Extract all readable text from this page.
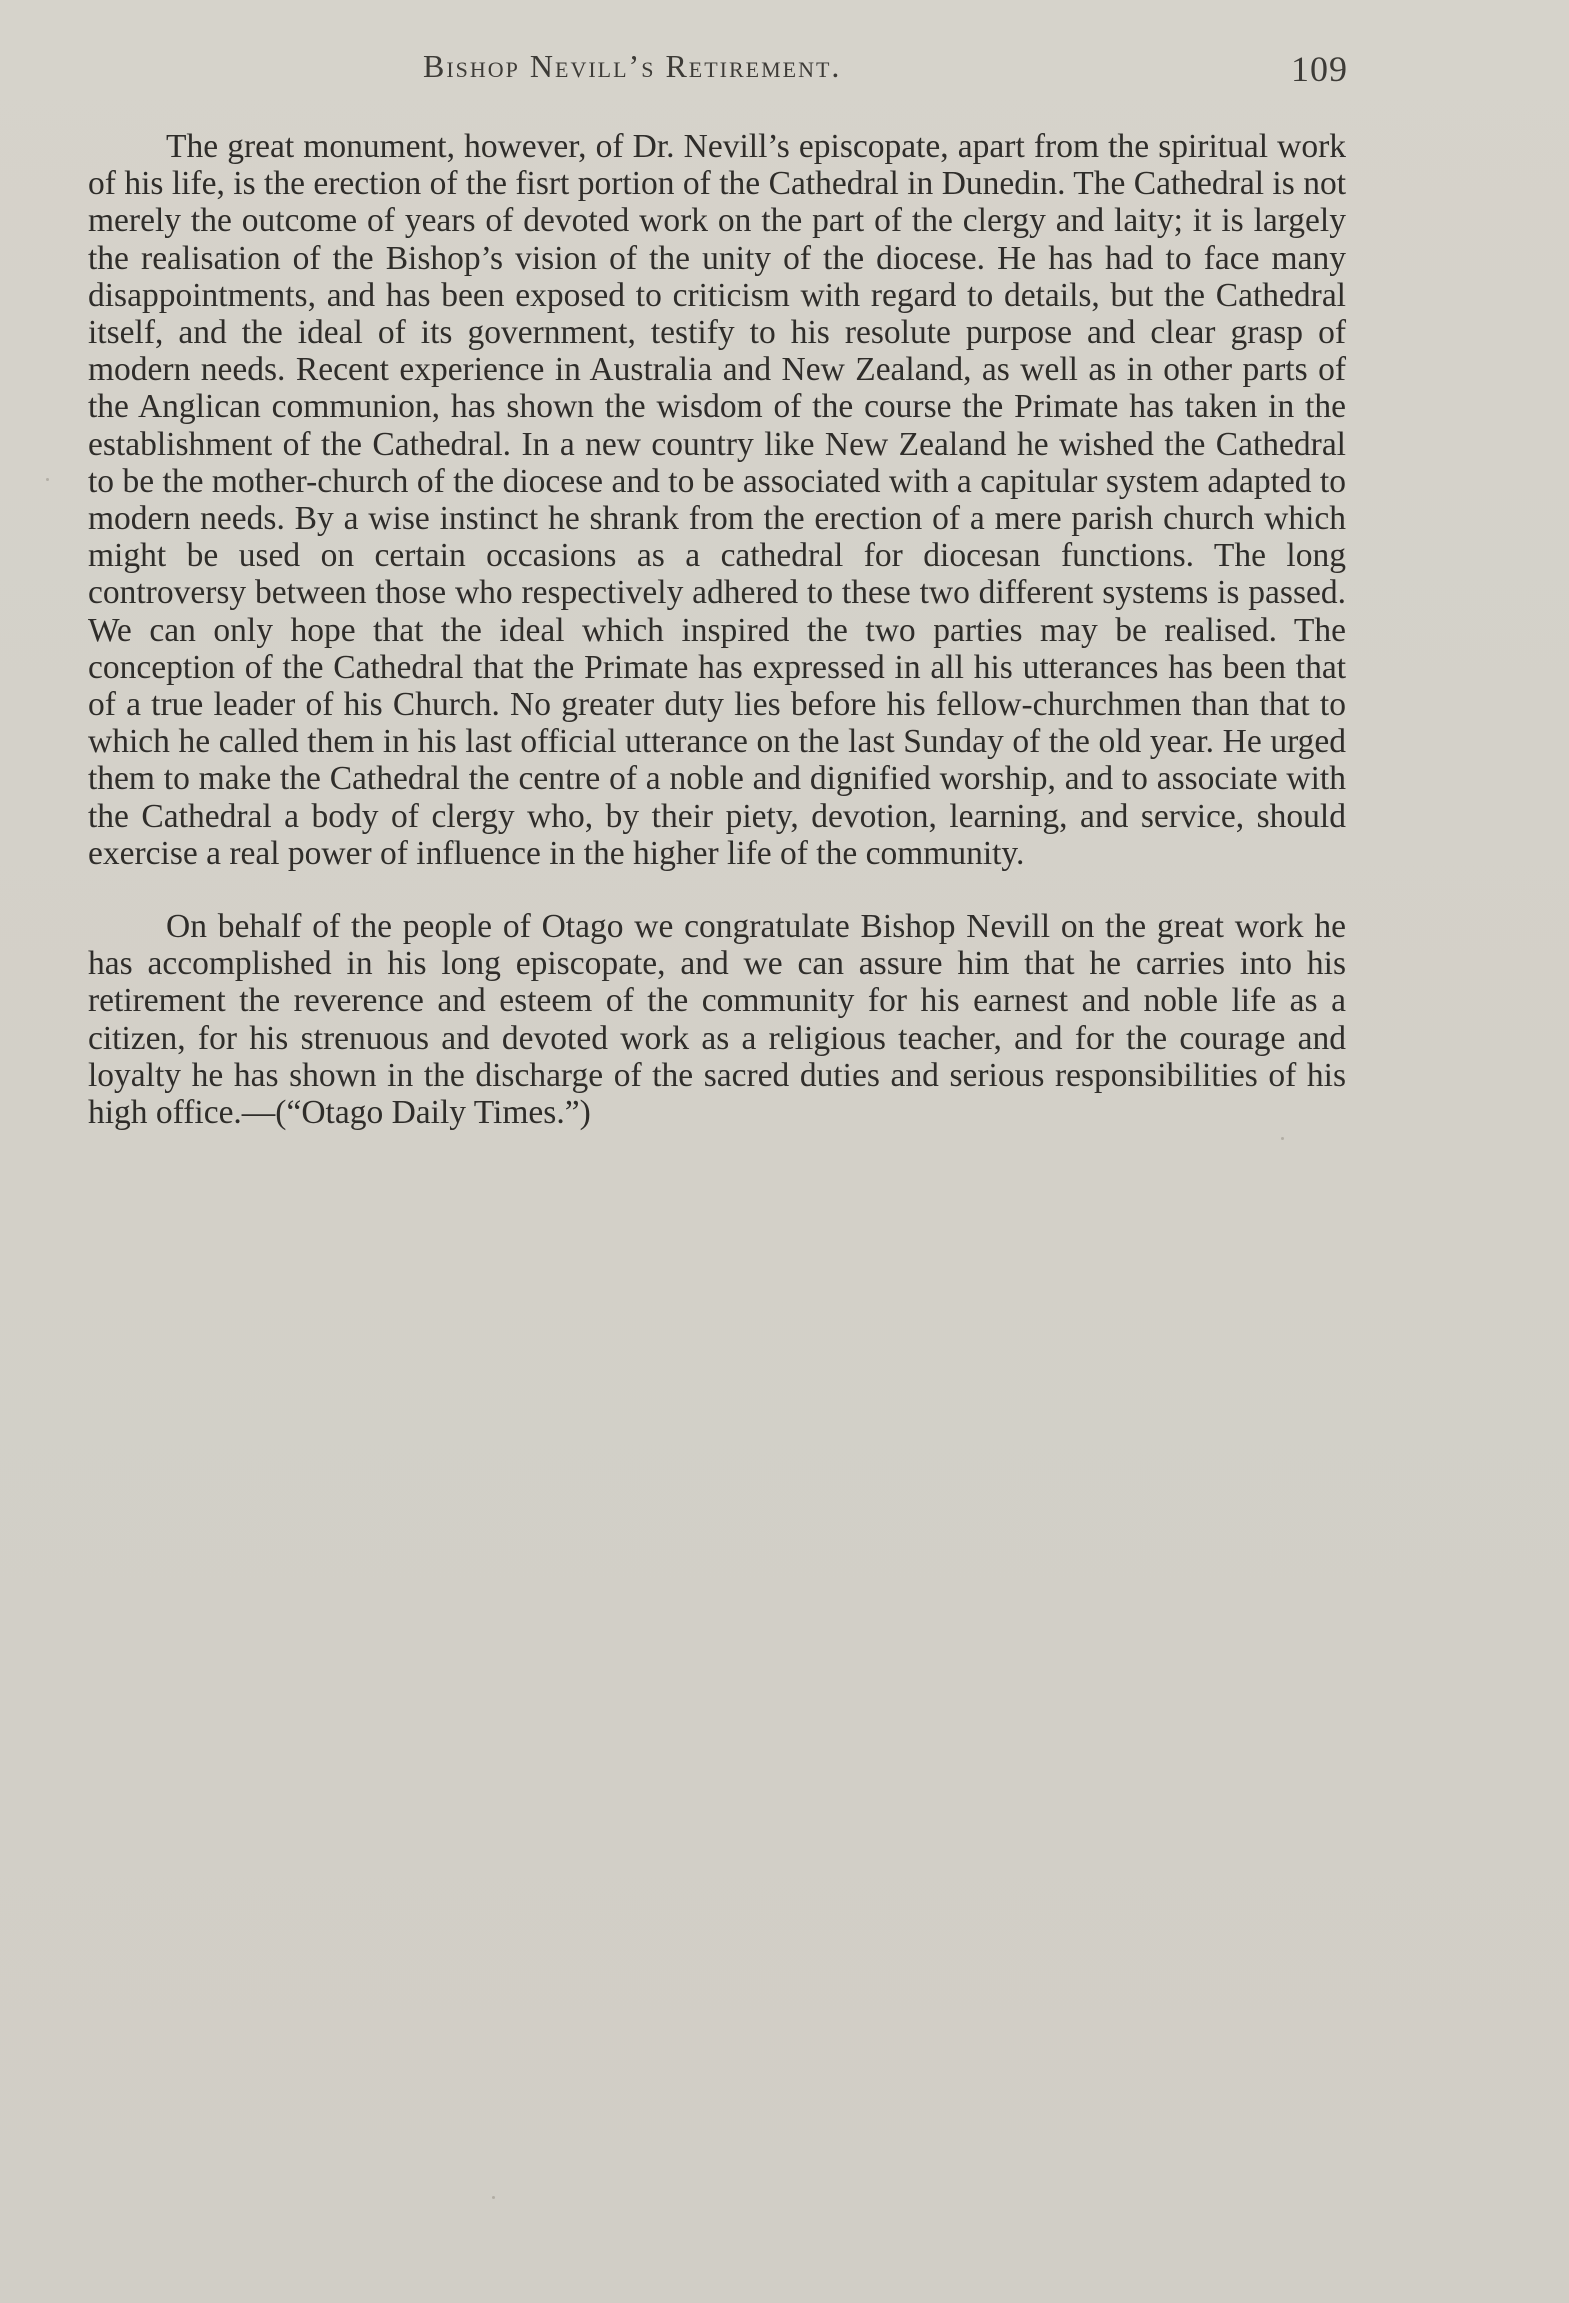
Bishop Nevill’s Retirement.	109

The great monument, however, of Dr. Nevill’s episcopate, apart from the spiritual work of his life, is the erection of the fisrt portion of the Cathedral in Dunedin. The Cathedral is not merely the outcome of years of devoted work on the part of the clergy and laity; it is largely the realisation of the Bishop’s vision of the unity of the diocese. He has had to face many disappointments, and has been exposed to criticism with regard to details, but the Cathedral itself, and the ideal of its government, testify to his resolute purpose and clear grasp of modern needs. Recent experience in Australia and New Zealand, as well as in other parts of the Anglican communion, has shown the wisdom of the course the Primate has taken in the establishment of the Cathedral. In a new country like New Zealand he wished the Cathedral to be the mother-church of the diocese and to be associated with a capitular system adapted to modern needs. By a wise instinct he shrank from the erection of a mere parish church which might be used on certain occasions as a cathedral for diocesan functions. The long controversy between those who respectively adhered to these two different systems is passed. We can only hope that the ideal which inspired the two parties may be realised. The conception of the Cathedral that the Primate has expressed in all his utterances has been that of a true leader of his Church. No greater duty lies before his fellow-churchmen than that to which he called them in his last official utterance on the last Sunday of the old year. He urged them to make the Cathedral the centre of a noble and dignified worship, and to associate with the Cathedral a body of clergy who, by their piety, devotion, learning, and service, should exercise a real power of influence in the higher life of the community.

On behalf of the people of Otago we congratulate Bishop Nevill on the great work he has accomplished in his long episcopate, and we can assure him that he carries into his retirement the reverence and esteem of the community for his earnest and noble life as a citizen, for his strenuous and devoted work as a religious teacher, and for the courage and loyalty he has shown in the discharge of the sacred duties and serious responsibilities of his high office.—(“Otago Daily Times.”)
